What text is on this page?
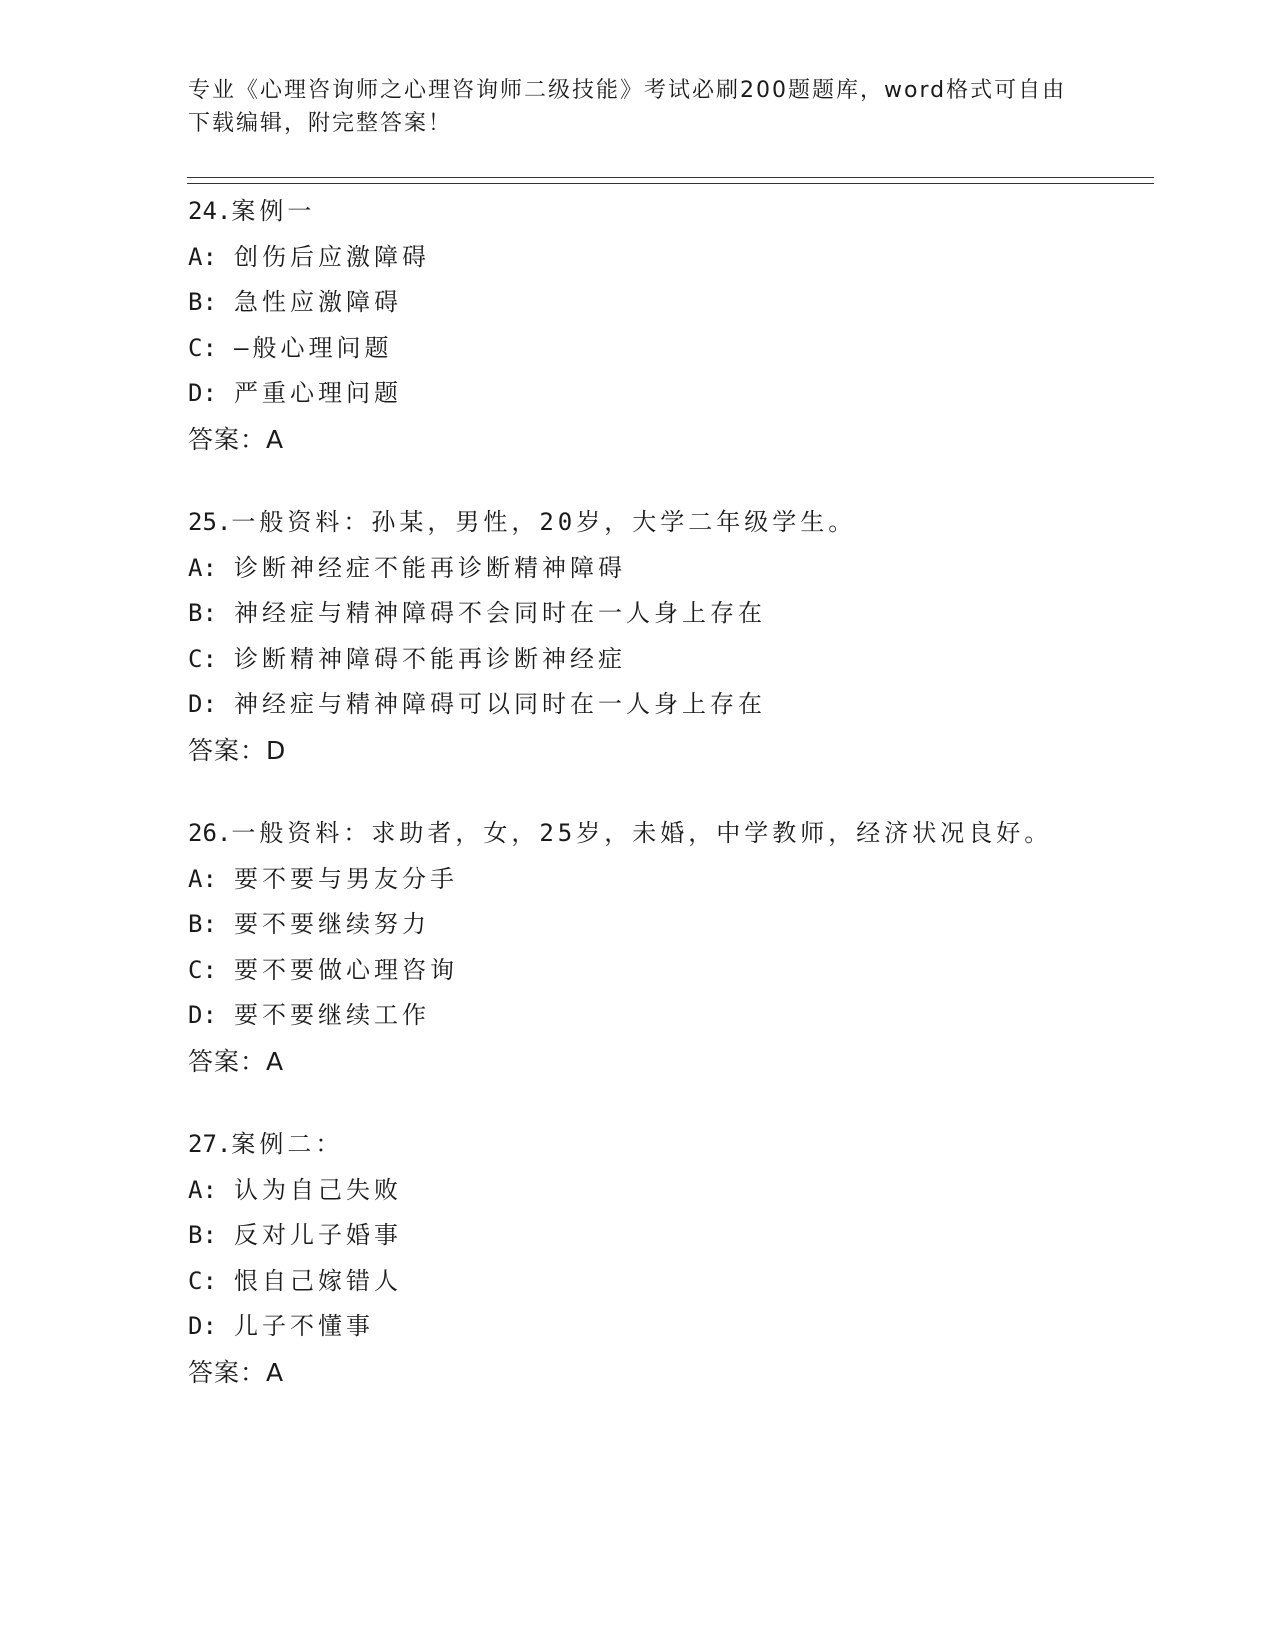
专业《心理咨询师之心理咨询师二级技能》考试必刷200题题库，word格式可自由下载编辑，附完整答案！
24.案例一
A: 创伤后应激障碍
B: 急性应激障碍
C: —般心理问题
D: 严重心理问题
答案：A
25.一般资料：孙某，男性，20岁，大学二年级学生。
A: 诊断神经症不能再诊断精神障碍
B: 神经症与精神障碍不会同时在一人身上存在
C: 诊断精神障碍不能再诊断神经症
D: 神经症与精神障碍可以同时在一人身上存在
答案：D
26.一般资料：求助者，女，25岁，未婚，中学教师，经济状况良好。
A: 要不要与男友分手
B: 要不要继续努力
C: 要不要做心理咨询
D: 要不要继续工作
答案：A
27.案例二：
A: 认为自己失败
B: 反对儿子婚事
C: 恨自己嫁错人
D: 儿子不懂事
答案：A
